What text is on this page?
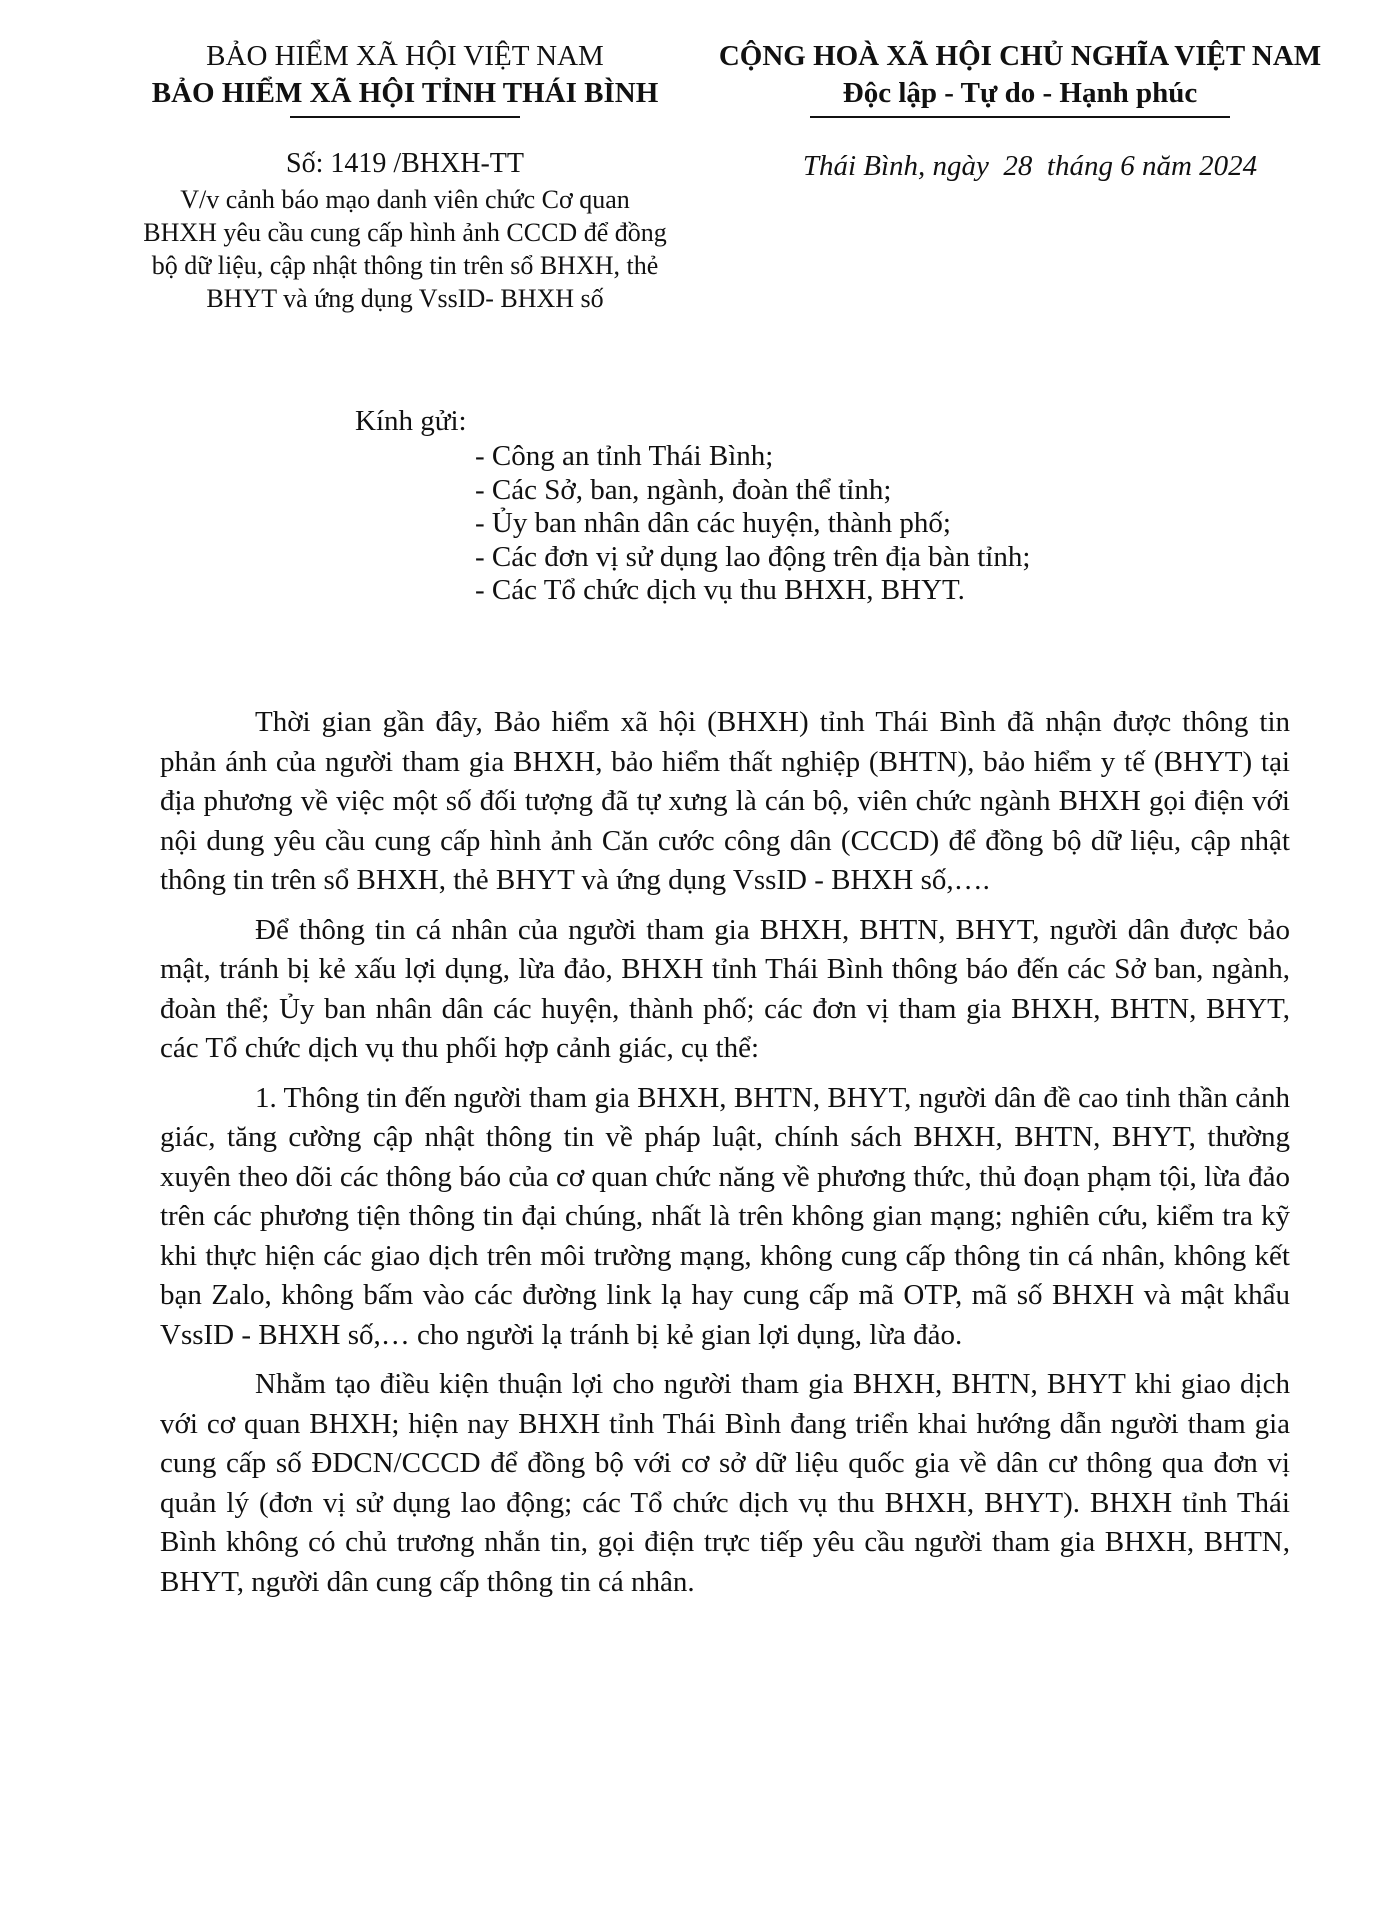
BẢO HIỂM XÃ HỘI VIỆT NAM
BẢO HIỂM XÃ HỘI TỈNH THÁI BÌNH
CỘNG HOÀ XÃ HỘI CHỦ NGHĨA VIỆT NAM
Độc lập - Tự do - Hạnh phúc
Số: 1419 /BHXH-TT
V/v cảnh báo mạo danh viên chức Cơ quan
BHXH yêu cầu cung cấp hình ảnh CCCD để đồng
bộ dữ liệu, cập nhật thông tin trên sổ BHXH, thẻ
BHYT và ứng dụng VssID- BHXH số
Thái Bình, ngày  28  tháng 6 năm 2024
Kính gửi:
- Công an tỉnh Thái Bình;
- Các Sở, ban, ngành, đoàn thể tỉnh;
- Ủy ban nhân dân các huyện, thành phố;
- Các đơn vị sử dụng lao động trên địa bàn tỉnh;
- Các Tổ chức dịch vụ thu BHXH, BHYT.

Thời gian gần đây, Bảo hiểm xã hội (BHXH) tỉnh Thái Bình đã nhận được thông tin phản ánh của người tham gia BHXH, bảo hiểm thất nghiệp (BHTN), bảo hiểm y tế (BHYT) tại địa phương về việc một số đối tượng đã tự xưng là cán bộ, viên chức ngành BHXH gọi điện với nội dung yêu cầu cung cấp hình ảnh Căn cước công dân (CCCD) để đồng bộ dữ liệu, cập nhật thông tin trên sổ BHXH, thẻ BHYT và ứng dụng VssID - BHXH số,….

Để thông tin cá nhân của người tham gia BHXH, BHTN, BHYT, người dân được bảo mật, tránh bị kẻ xấu lợi dụng, lừa đảo, BHXH tỉnh Thái Bình thông báo đến các Sở ban, ngành, đoàn thể; Ủy ban nhân dân các huyện, thành phố; các đơn vị tham gia BHXH, BHTN, BHYT, các Tổ chức dịch vụ thu phối hợp cảnh giác, cụ thể:

1. Thông tin đến người tham gia BHXH, BHTN, BHYT, người dân đề cao tinh thần cảnh giác, tăng cường cập nhật thông tin về pháp luật, chính sách BHXH, BHTN, BHYT, thường xuyên theo dõi các thông báo của cơ quan chức năng về phương thức, thủ đoạn phạm tội, lừa đảo trên các phương tiện thông tin đại chúng, nhất là trên không gian mạng; nghiên cứu, kiểm tra kỹ khi thực hiện các giao dịch trên môi trường mạng, không cung cấp thông tin cá nhân, không kết bạn Zalo, không bấm vào các đường link lạ hay cung cấp mã OTP, mã số BHXH và mật khẩu VssID - BHXH số,… cho người lạ tránh bị kẻ gian lợi dụng, lừa đảo.

Nhằm tạo điều kiện thuận lợi cho người tham gia BHXH, BHTN, BHYT khi giao dịch với cơ quan BHXH; hiện nay BHXH tỉnh Thái Bình đang triển khai hướng dẫn người tham gia cung cấp số ĐDCN/CCCD để đồng bộ với cơ sở dữ liệu quốc gia về dân cư thông qua đơn vị quản lý (đơn vị sử dụng lao động; các Tổ chức dịch vụ thu BHXH, BHYT). BHXH tỉnh Thái Bình không có chủ trương nhắn tin, gọi điện trực tiếp yêu cầu người tham gia BHXH, BHTN, BHYT, người dân cung cấp thông tin cá nhân.
